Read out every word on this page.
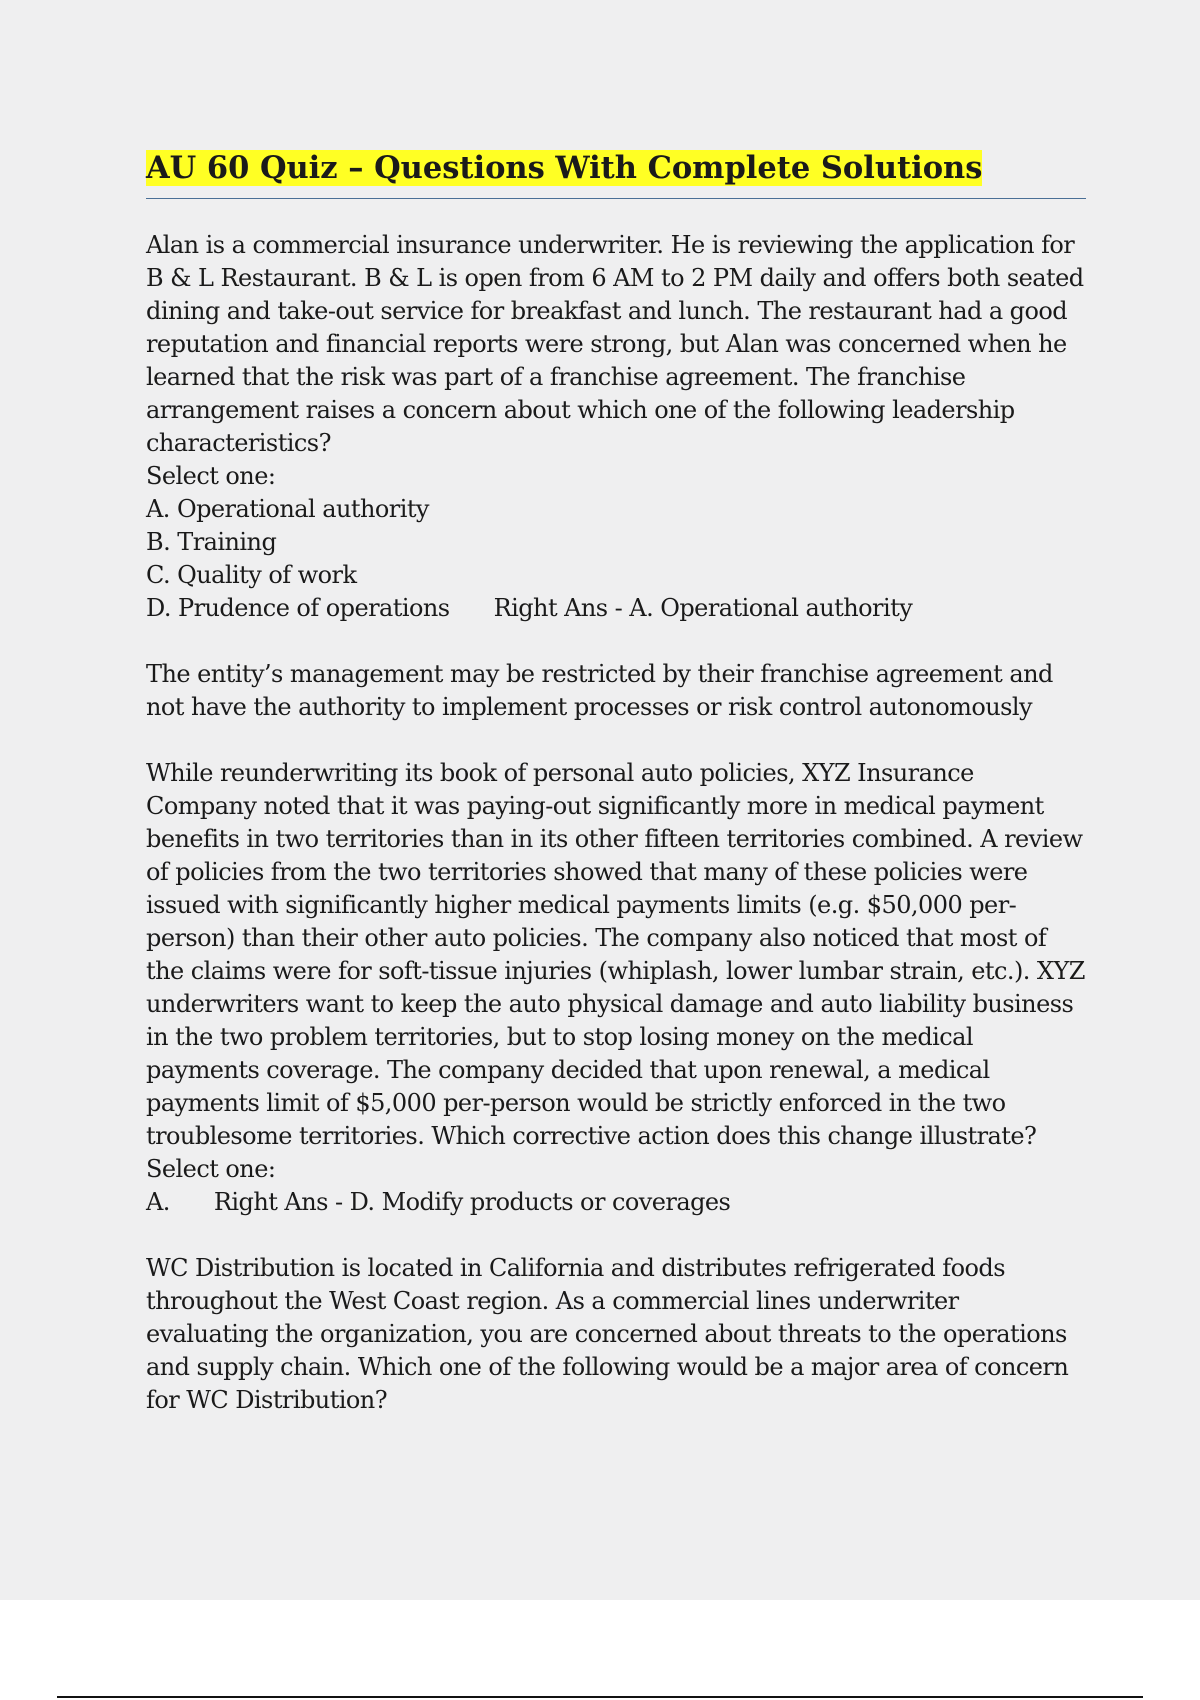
AU 60 Quiz – Questions With Complete Solutions

Alan is a commercial insurance underwriter. He is reviewing the application for B & L Restaurant. B & L is open from 6 AM to 2 PM daily and offers both seated dining and take-out service for breakfast and lunch. The restaurant had a good reputation and financial reports were strong, but Alan was concerned when he learned that the risk was part of a franchise agreement. The franchise arrangement raises a concern about which one of the following leadership characteristics?

Select one:

A. Operational authority

B. Training

C. Quality of work

D. Prudence of operations Right Ans - A. Operational authority

The entity’s management may be restricted by their franchise agreement and not have the authority to implement processes or risk control autonomously

While reunderwriting its book of personal auto policies, XYZ Insurance Company noted that it was paying-out significantly more in medical payment benefits in two territories than in its other fifteen territories combined. A review of policies from the two territories showed that many of these policies were issued with significantly higher medical payments limits (e.g. $50,000 per-person) than their other auto policies. The company also noticed that most of the claims were for soft-tissue injuries (whiplash, lower lumbar strain, etc.). XYZ underwriters want to keep the auto physical damage and auto liability business in the two problem territories, but to stop losing money on the medical payments coverage. The company decided that upon renewal, a medical payments limit of $5,000 per-person would be strictly enforced in the two troublesome territories. Which corrective action does this change illustrate?

Select one:

A. Right Ans - D. Modify products or coverages

WC Distribution is located in California and distributes refrigerated foods throughout the West Coast region. As a commercial lines underwriter evaluating the organization, you are concerned about threats to the operations and supply chain. Which one of the following would be a major area of concern for WC Distribution?
